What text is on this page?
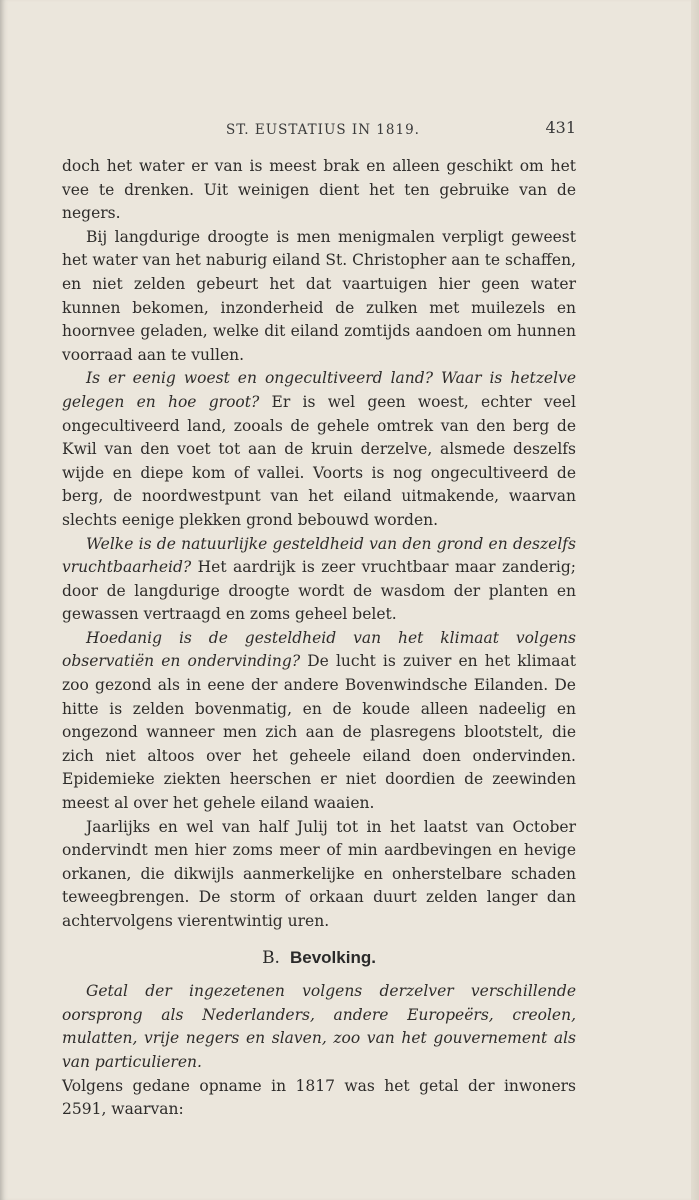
ST. EUSTATIUS IN 1819.	431

doch het water er van is meest brak en alleen geschikt om het vee te drenken. Uit weinigen dient het ten gebruike van de negers.

Bij langdurige droogte is men menigmalen verpligt geweest het water van het naburig eiland St. Christopher aan te schaffen, en niet zelden gebeurt het dat vaartuigen hier geen water kunnen bekomen, inzonderheid de zulken met muilezels en hoornvee geladen, welke dit eiland zomtijds aandoen om hunnen voorraad aan te vullen.

Is er eenig woest en ongecultiveerd land? Waar is hetzelve gelegen en hoe groot? Er is wel geen woest, echter veel ongecultiveerd land, zooals de gehele omtrek van den berg de Kwil van den voet tot aan de kruin derzelve, alsmede deszelfs wijde en diepe kom of vallei. Voorts is nog ongecultiveerd de berg, de noordwestpunt van het eiland uitmakende, waarvan slechts eenige plekken grond bebouwd worden.

Welke is de natuurlijke gesteldheid van den grond en deszelfs vruchtbaarheid? Het aardrijk is zeer vruchtbaar maar zanderig; door de langdurige droogte wordt de wasdom der planten en gewassen vertraagd en zoms geheel belet.

Hoedanig is de gesteldheid van het klimaat volgens observatiën en ondervinding? De lucht is zuiver en het klimaat zoo gezond als in eene der andere Bovenwindsche Eilanden. De hitte is zelden bovenmatig, en de koude alleen nadeelig en ongezond wanneer men zich aan de plasregens blootstelt, die zich niet altoos over het geheele eiland doen ondervinden. Epidemieke ziekten heerschen er niet doordien de zeewinden meest al over het gehele eiland waaien.

Jaarlijks en wel van half Julij tot in het laatst van October ondervindt men hier zoms meer of min aardbevingen en hevige orkanen, die dikwijls aanmerkelijke en onherstelbare schaden teweegbrengen. De storm of orkaan duurt zelden langer dan achtervolgens vierentwintig uren.

B. Bevolking.

Getal der ingezetenen volgens derzelver verschillende oorsprong als Nederlanders, andere Europeërs, creolen, mulatten, vrije negers en slaven, zoo van het gouvernement als van particulieren.

Volgens gedane opname in 1817 was het getal der inwoners 2591, waarvan:
